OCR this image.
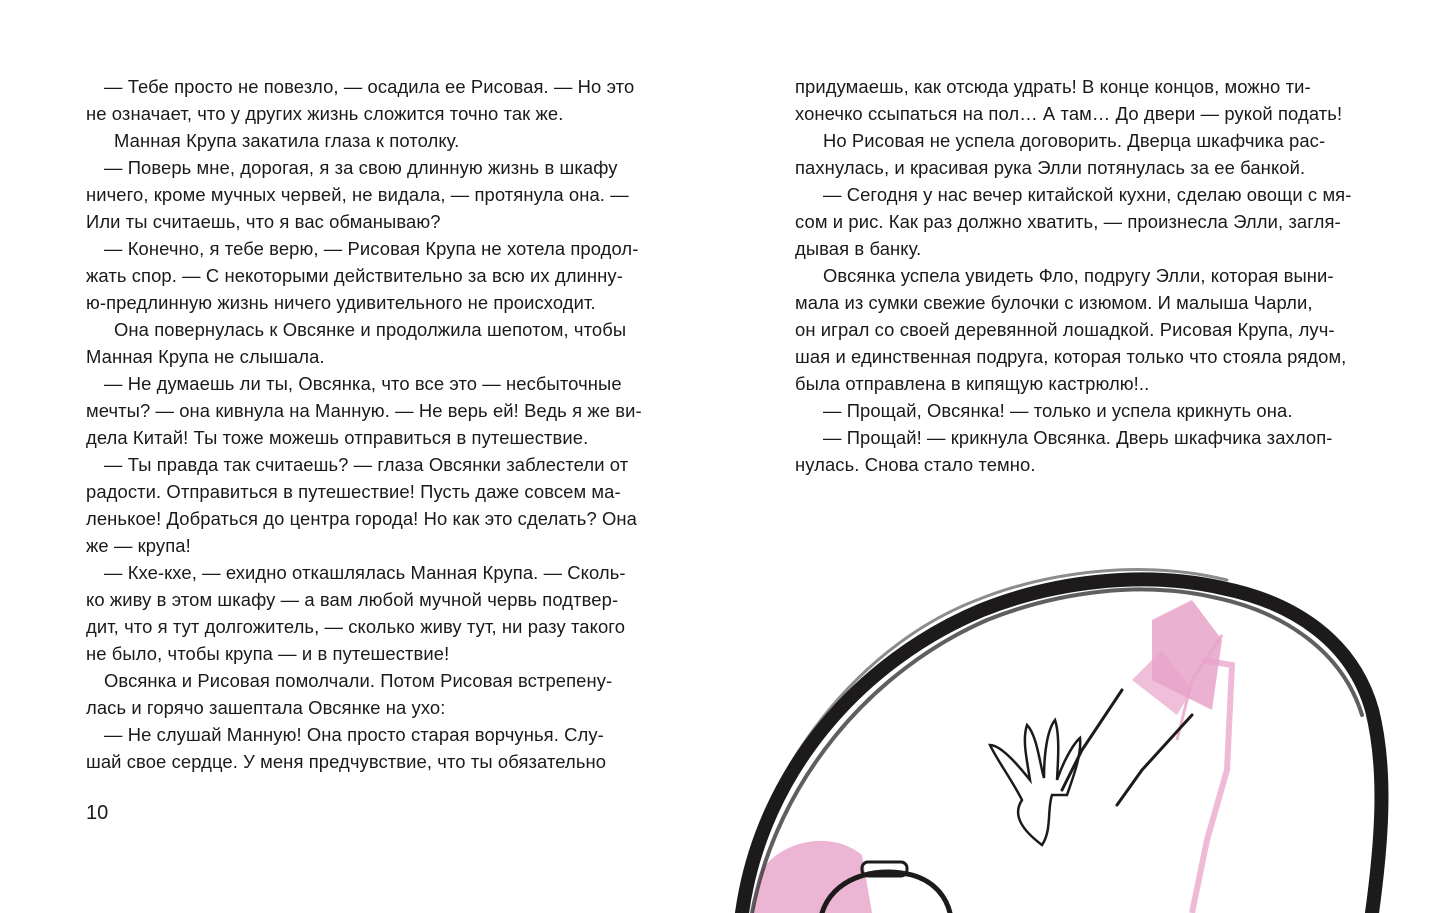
— Тебе просто не повезло, — осадила ее Рисовая. — Но это
не означает, что у других жизнь сложится точно так же.
Манная Крупа закатила глаза к потолку.
— Поверь мне, дорогая, я за свою длинную жизнь в шкафу
ничего, кроме мучных червей, не видала, — протянула она. —
Или ты считаешь, что я вас обманываю?
— Конечно, я тебе верю, — Рисовая Крупа не хотела продол-
жать спор. — С некоторыми действительно за всю их длинну-
ю-предлинную жизнь ничего удивительного не происходит.
Она повернулась к Овсянке и продолжила шепотом, чтобы
Манная Крупа не слышала.
— Не думаешь ли ты, Овсянка, что все это — несбыточные
мечты? — она кивнула на Манную. — Не верь ей! Ведь я же ви-
дела Китай! Ты тоже можешь отправиться в путешествие.
— Ты правда так считаешь? — глаза Овсянки заблестели от
радости. Отправиться в путешествие! Пусть даже совсем ма-
ленькое! Добраться до центра города! Но как это сделать? Она
же — крупа!
— Кхе-кхе, — ехидно откашлялась Манная Крупа. — Сколь-
ко живу в этом шкафу — а вам любой мучной червь подтвер-
дит, что я тут долгожитель, — сколько живу тут, ни разу такого
не было, чтобы крупа — и в путешествие!
Овсянка и Рисовая помолчали. Потом Рисовая встрепену-
лась и горячо зашептала Овсянке на ухо:
— Не слушай Манную! Она просто старая ворчунья. Слу-
шай свое сердце. У меня предчувствие, что ты обязательно
10
придумаешь, как отсюда удрать! В конце концов, можно ти-
хонечко ссыпаться на пол… А там… До двери — рукой подать!
Но Рисовая не успела договорить. Дверца шкафчика рас-
пахнулась, и красивая рука Элли потянулась за ее банкой.
— Сегодня у нас вечер китайской кухни, сделаю овощи с мя-
сом и рис. Как раз должно хватить, — произнесла Элли, загля-
дывая в банку.
Овсянка успела увидеть Фло, подругу Элли, которая выни-
мала из сумки свежие булочки с изюмом. И малыша Чарли,
он играл со своей деревянной лошадкой. Рисовая Крупа, луч-
шая и единственная подруга, которая только что стояла рядом,
была отправлена в кипящую кастрюлю!..
— Прощай, Овсянка! — только и успела крикнуть она.
— Прощай! — крикнула Овсянка. Дверь шкафчика захлоп-
нулась. Снова стало темно.
